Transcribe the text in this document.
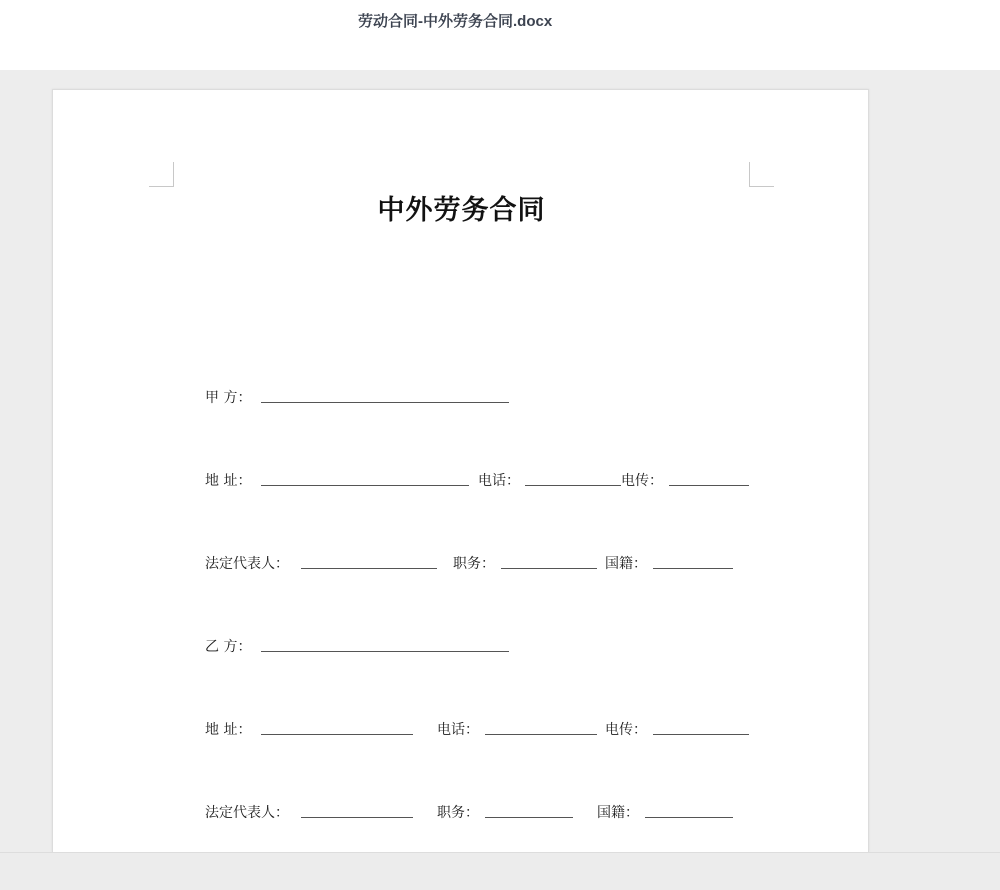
劳动合同-中外劳务合同.docx
中外劳务合同
甲 方：
地 址：	电话：	电传：
法定代表人：	职务：	国籍：
乙 方：
地 址：	电话：	电传：
法定代表人：	职务：	国籍：
